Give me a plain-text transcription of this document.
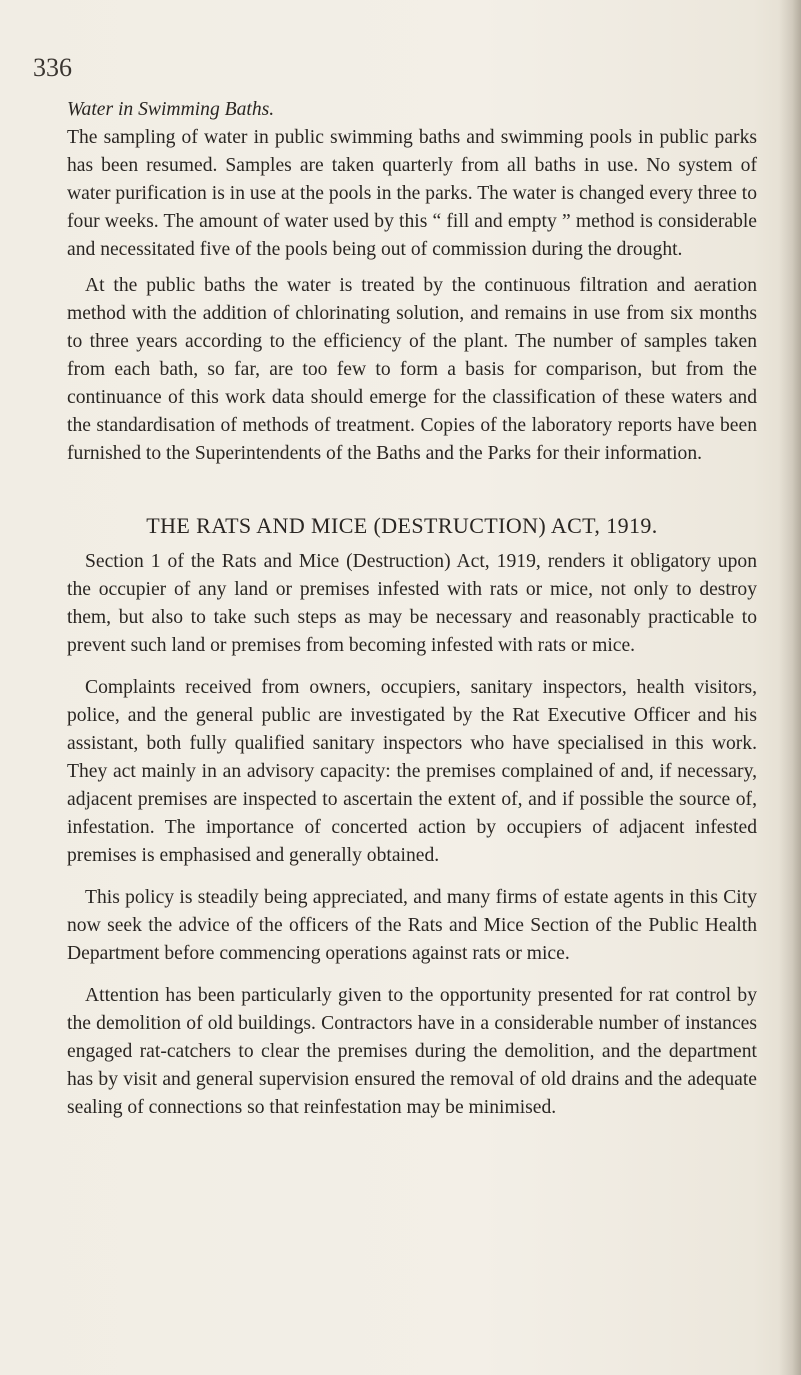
336

Water in Swimming Baths.

The sampling of water in public swimming baths and swimming pools in public parks has been resumed. Samples are taken quarterly from all baths in use. No system of water purification is in use at the pools in the parks. The water is changed every three to four weeks. The amount of water used by this “ fill and empty ” method is considerable and necessitated five of the pools being out of commission during the drought.

At the public baths the water is treated by the continuous filtration and aeration method with the addition of chlorinating solution, and remains in use from six months to three years according to the efficiency of the plant. The number of samples taken from each bath, so far, are too few to form a basis for comparison, but from the continuance of this work data should emerge for the classification of these waters and the standardisation of methods of treatment. Copies of the laboratory reports have been furnished to the Superintendents of the Baths and the Parks for their information.

THE RATS AND MICE (DESTRUCTION) ACT, 1919.

Section 1 of the Rats and Mice (Destruction) Act, 1919, renders it obligatory upon the occupier of any land or premises infested with rats or mice, not only to destroy them, but also to take such steps as may be necessary and reasonably practicable to prevent such land or premises from becoming infested with rats or mice.

Complaints received from owners, occupiers, sanitary inspectors, health visitors, police, and the general public are investigated by the Rat Executive Officer and his assistant, both fully qualified sanitary inspectors who have specialised in this work. They act mainly in an advisory capacity: the premises complained of and, if necessary, adjacent premises are inspected to ascertain the extent of, and if possible the source of, infestation. The importance of concerted action by occupiers of adjacent infested premises is emphasised and generally obtained.

This policy is steadily being appreciated, and many firms of estate agents in this City now seek the advice of the officers of the Rats and Mice Section of the Public Health Department before commencing operations against rats or mice.

Attention has been particularly given to the opportunity presented for rat control by the demolition of old buildings. Contractors have in a considerable number of instances engaged rat-catchers to clear the premises during the demolition, and the department has by visit and general supervision ensured the removal of old drains and the adequate sealing of connections so that reinfestation may be minimised.
